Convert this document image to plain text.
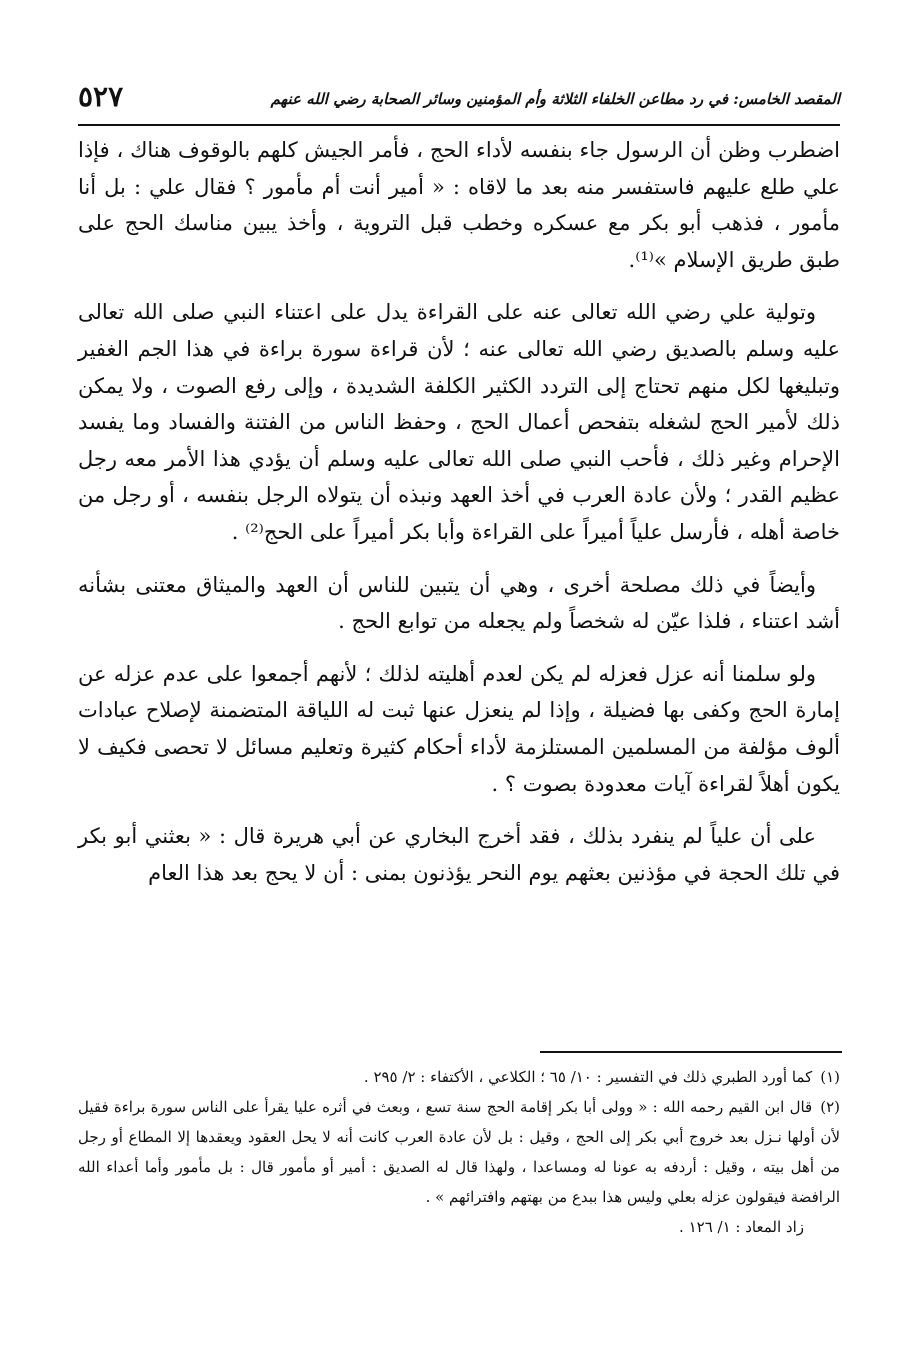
المقصد الخامس: في رد مطاعن الخلفاء الثلاثة وأم المؤمنين وسائر الصحابة رضي الله عنهم
٥٢٧

اضطرب وظن أن الرسول جاء بنفسه لأداء الحج ، فأمر الجيش كلهم بالوقوف هناك ، فإذا علي طلع عليهم فاستفسر منه بعد ما لاقاه : « أمير أنت أم مأمور ؟ فقال علي : بل أنا مأمور ، فذهب أبو بكر مع عسكره وخطب قبل التروية ، وأخذ يبين مناسك الحج على طبق طريق الإسلام »⁽¹⁾.

وتولية علي رضي الله تعالى عنه على القراءة يدل على اعتناء النبي صلى الله تعالى عليه وسلم بالصديق رضي الله تعالى عنه ؛ لأن قراءة سورة براءة في هذا الجم الغفير وتبليغها لكل منهم تحتاج إلى التردد الكثير الكلفة الشديدة ، وإلى رفع الصوت ، ولا يمكن ذلك لأمير الحج لشغله بتفحص أعمال الحج ، وحفظ الناس من الفتنة والفساد وما يفسد الإحرام وغير ذلك ، فأحب النبي صلى الله تعالى عليه وسلم أن يؤدي هذا الأمر معه رجل عظيم القدر ؛ ولأن عادة العرب في أخذ العهد ونبذه أن يتولاه الرجل بنفسه ، أو رجل من خاصة أهله ، فأرسل علياً أميراً على القراءة وأبا بكر أميراً على الحج⁽²⁾ .

وأيضاً في ذلك مصلحة أخرى ، وهي أن يتبين للناس أن العهد والميثاق معتنى بشأنه أشد اعتناء ، فلذا عيّن له شخصاً ولم يجعله من توابع الحج .

ولو سلمنا أنه عزل فعزله لم يكن لعدم أهليته لذلك ؛ لأنهم أجمعوا على عدم عزله عن إمارة الحج وكفى بها فضيلة ، وإذا لم ينعزل عنها ثبت له اللياقة المتضمنة لإصلاح عبادات ألوف مؤلفة من المسلمين المستلزمة لأداء أحكام كثيرة وتعليم مسائل لا تحصى فكيف لا يكون أهلاً لقراءة آيات معدودة بصوت ؟ .

على أن علياً لم ينفرد بذلك ، فقد أخرج البخاري عن أبي هريرة قال : « بعثني أبو بكر في تلك الحجة في مؤذنين بعثهم يوم النحر يؤذنون بمنى : أن لا يحج بعد هذا العام

(١)كما أورد الطبري ذلك في التفسير : ١٠/ ٦٥ ؛ الكلاعي ، الأكتفاء : ٢/ ٢٩٥ .

(٢)قال ابن القيم رحمه الله : « وولى أبا بكر إقامة الحج سنة تسع ، وبعث في أثره عليا يقرأ على الناس سورة براءة فقيل لأن أولها نـزل بعد خروج أبي بكر إلى الحج ، وقيل : بل لأن عادة العرب كانت أنه لا يحل العقود ويعقدها إلا المطاع أو رجل من أهل بيته ، وقيل : أردفه به عونا له ومساعدا ، ولهذا قال له الصديق : أمير أو مأمور قال : بل مأمور وأما أعداء الله الرافضة فيقولون عزله بعلي وليس هذا ببدع من بهتهم وافترائهم » .

زاد المعاد : ١/ ١٢٦ .
